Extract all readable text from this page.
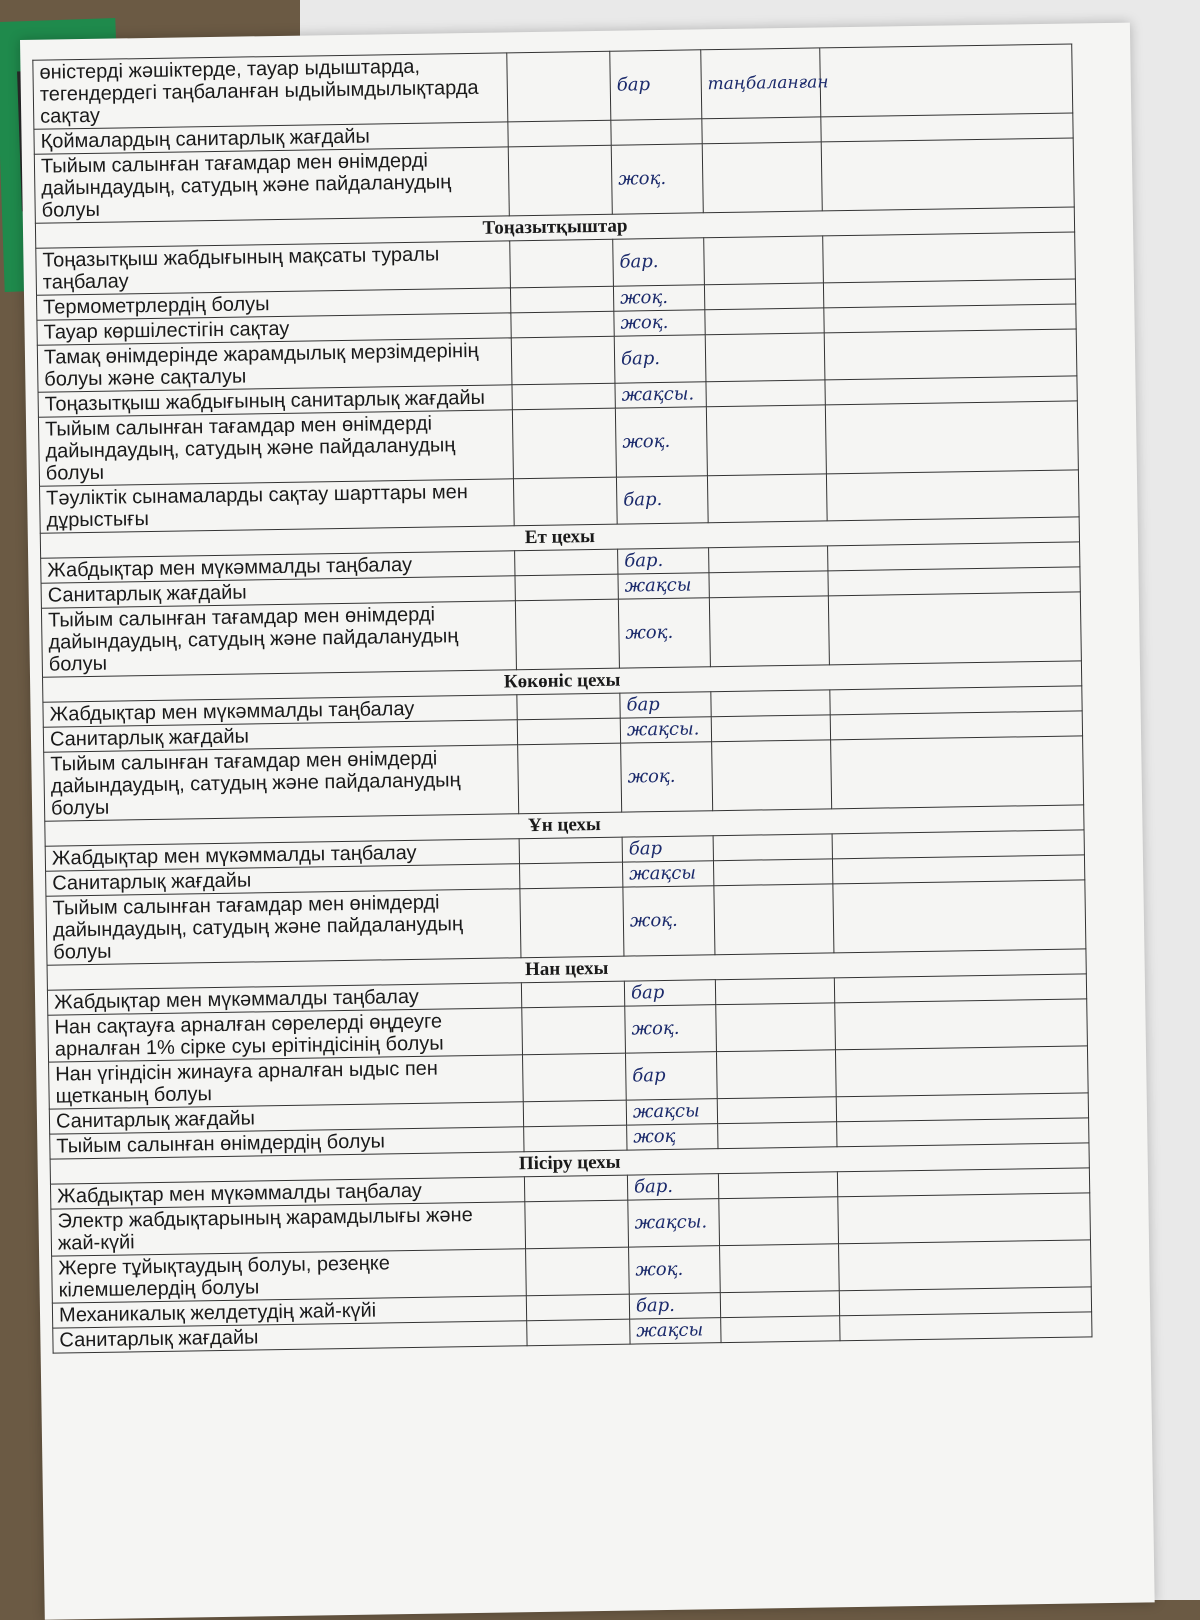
өністерді жәшіктерде, тауар ыдыштарда, тегендердегі таңбаланған ыдыйымдылықтарда сақтау		бар	таңбаланған	
Қоймалардың санитарлық жағдайы				
Тыйым салынған тағамдар мен өнімдерді дайындаудың, сатудың және пайдаланудың болуы		жоқ.		
Тоңазытқыштар				
Тоңазытқыш жабдығының мақсаты туралы таңбалау		бар.		
Термометрлердің болуы		жоқ.		
Тауар көршілестігін сақтау		жоқ.		
Тамақ өнімдерінде жарамдылық мерзімдерінің болуы және сақталуы		бар.		
Тоңазытқыш жабдығының санитарлық жағдайы		жақсы.		
Тыйым салынған тағамдар мен өнімдерді дайындаудың, сатудың және пайдаланудың болуы		жоқ.		
Тәуліктік сынамаларды сақтау шарттары мен дұрыстығы		бар.		
Ет цехы				
Жабдықтар мен мүкәммалды таңбалау		бар.		
Санитарлық жағдайы		жақсы		
Тыйым салынған тағамдар мен өнімдерді дайындаудың, сатудың және пайдаланудың болуы		жоқ.		
Көкөніс цехы				
Жабдықтар мен мүкәммалды таңбалау		бар		
Санитарлық жағдайы		жақсы.		
Тыйым салынған тағамдар мен өнімдерді дайындаудың, сатудың және пайдаланудың болуы		жоқ.		
Ұн цехы				
Жабдықтар мен мүкәммалды таңбалау		бар		
Санитарлық жағдайы		жақсы		
Тыйым салынған тағамдар мен өнімдерді дайындаудың, сатудың және пайдаланудың болуы		жоқ.		
Нан цехы				
Жабдықтар мен мүкәммалды таңбалау		бар		
Нан сақтауға арналған сөрелерді өңдеуге арналған 1% сірке суы ерітіндісінің болуы		жоқ.		
Нан үгіндісін жинауға арналған ыдыс пен щетканың болуы		бар		
Санитарлық жағдайы		жақсы		
Тыйым салынған өнімдердің болуы		жоқ		
Пісіру цехы				
Жабдықтар мен мүкәммалды таңбалау		бар.		
Электр жабдықтарының жарамдылығы және жай-күйі		жақсы.		
Жерге тұйықтаудың болуы, резеңке кілемшелердің болуы		жоқ.		
Механикалық желдетудің жай-күйі		бар.		
Санитарлық жағдайы		жақсы		
